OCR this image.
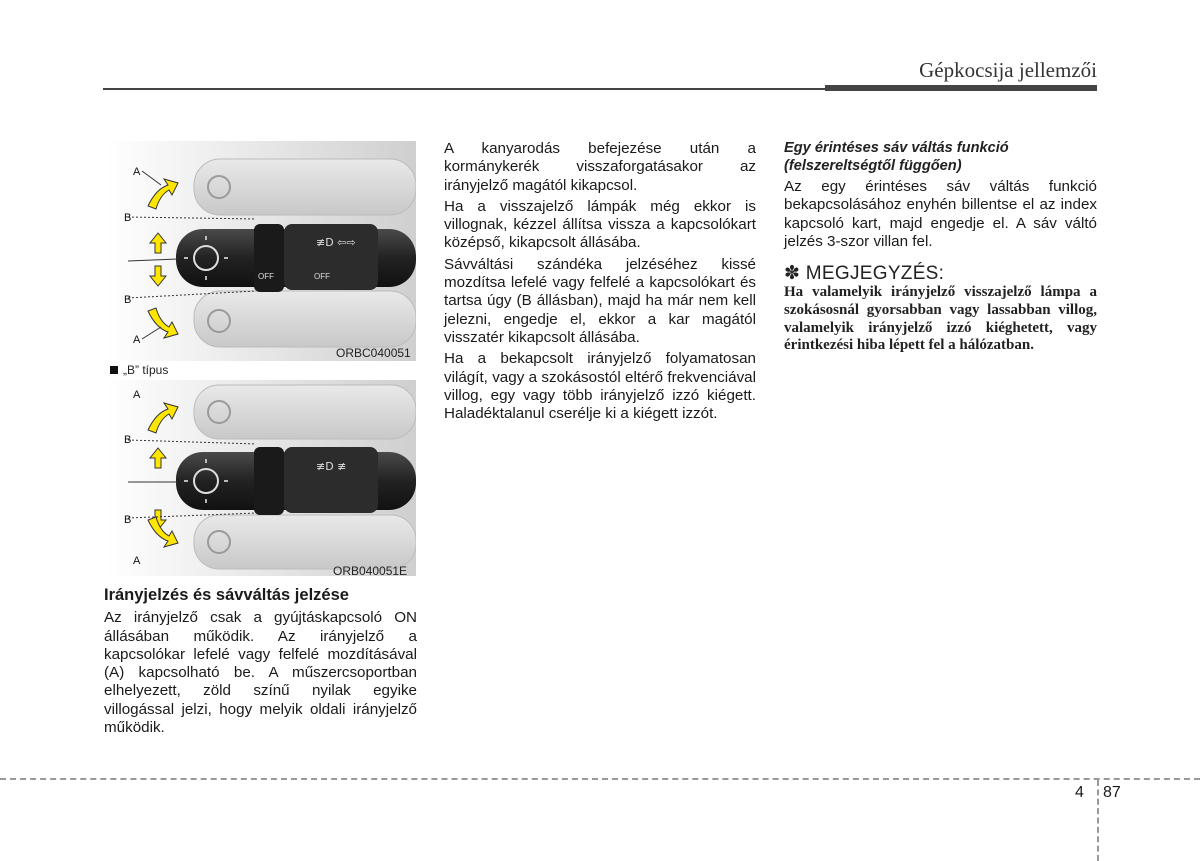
Gépkocsija jellemzői
OFF	OFF
≢D ⇦⇨
A
B
B
A
ORBC040051
„B” típus
≢D ≢
A
B
B
A
ORB040051E

Irányjelzés és sávváltás jelzése

Az irányjelző csak a gyújtáskapcsoló ON állásában működik. Az irányjelző a kapcsolókar lefelé vagy felfelé mozdításával (A) kapcsolható be. A műszercsoportban elhelyezett, zöld színű nyilak egyike villogással jelzi, hogy melyik oldali irányjelző működik.

A kanyarodás befejezése után a kormánykerék visszaforgatásakor az irányjelző magától kikapcsol.

Ha a visszajelző lámpák még ekkor is villognak, kézzel állítsa vissza a kapcsolókart középső, kikapcsolt állásába.

Sávváltási szándéka jelzéséhez kissé mozdítsa lefelé vagy felfelé a kapcsolókart és tartsa úgy (B állásban), majd ha már nem kell jelezni, engedje el, ekkor a kar magától visszatér kikapcsolt állásába.

Ha a bekapcsolt irányjelző folyamatosan világít, vagy a szokásostól eltérő frekvenciával villog, egy vagy több irányjelző izzó kiégett. Haladéktalanul cserélje ki a kiégett izzót.

Egy érintéses sáv váltás funkció (felszereltségtől függően)

Az egy érintéses sáv váltás funkció bekapcsolásához enyhén billentse el az index kapcsoló kart, majd engedje el. A sáv váltó jelzés 3-szor villan fel.

✽ MEGJEGYZÉS:

Ha valamelyik irányjelző visszajelző lámpa a szokásosnál gyorsabban vagy lassabban villog, valamelyik irányjelző izzó kiéghetett, vagy érintkezési hiba lépett fel a hálózatban.

4 87
